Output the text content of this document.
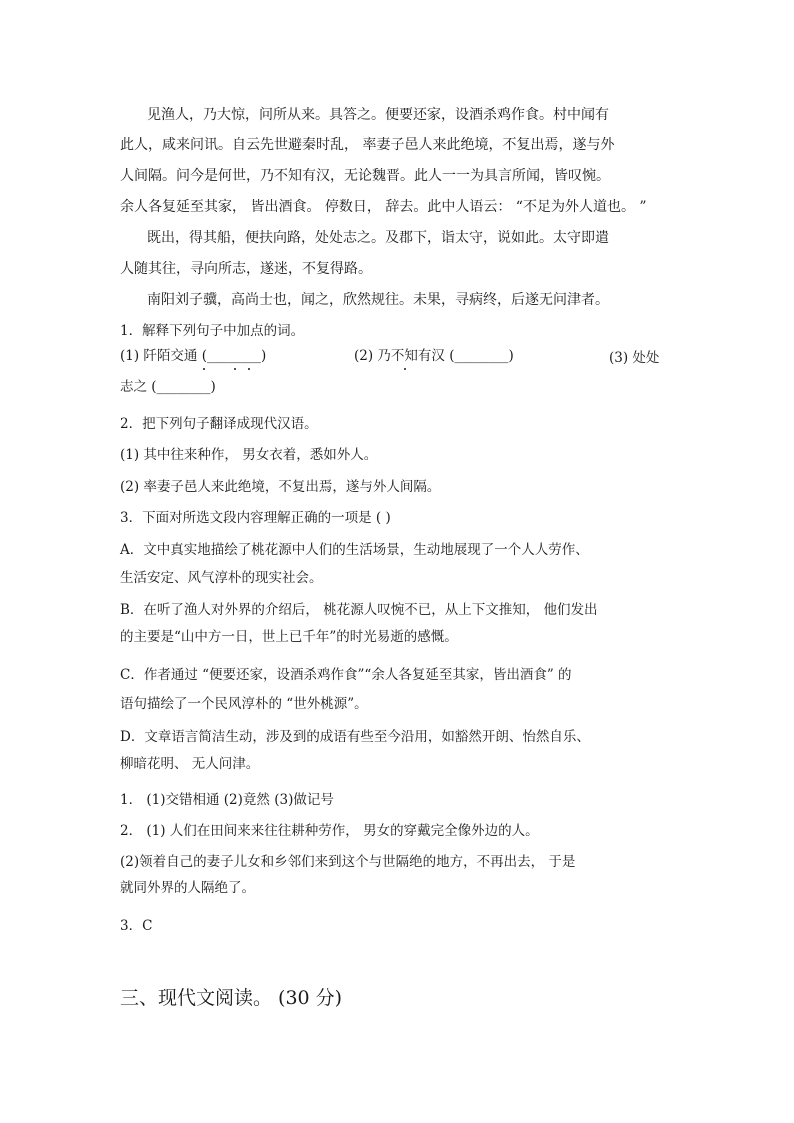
见渔人，乃大惊，问所从来。具答之。便要还家，设酒杀鸡作食。村中闻有
此人，咸来问讯。自云先世避秦时乱， 率妻子邑人来此绝境，不复出焉，遂与外
人间隔。问今是何世，乃不知有汉，无论魏晋。此人一一为具言所闻，皆叹惋。
余人各复延至其家， 皆出酒食。 停数日， 辞去。此中人语云： “不足为外人道也。 ”
既出，得其船，便扶向路，处处志之。及郡下，诣太守，说如此。太守即遣
人随其往，寻向所志，遂迷，不复得路。
南阳刘子骥，高尚士也，闻之，欣然规往。未果，寻病终，后遂无问津者。
1．解释下列句子中加点的词。
(1) 阡陌交通 (________)	(2) 乃不知有汉 (________)	(3) 处处
志之 (________)
2．把下列句子翻译成现代汉语。
(1) 其中往来种作， 男女衣着，悉如外人。
(2) 率妻子邑人来此绝境，不复出焉，遂与外人间隔。
3．下面对所选文段内容理解正确的一项是 ( )
A．文中真实地描绘了桃花源中人们的生活场景，生动地展现了一个人人劳作、
生活安定、风气淳朴的现实社会。
B．在听了渔人对外界的介绍后， 桃花源人叹惋不已，从上下文推知， 他们发出
的主要是“山中方一日，世上已千年”的时光易逝的感慨。
C．作者通过 “便要还家，设酒杀鸡作食”“余人各复延至其家，皆出酒食” 的
语句描绘了一个民风淳朴的 “世外桃源”。
D．文章语言简洁生动，涉及到的成语有些至今沿用，如豁然开朗、怡然自乐、
柳暗花明、 无人问津。
1． (1)交错相通 (2)竟然 (3)做记号
2． (1) 人们在田间来来往往耕种劳作， 男女的穿戴完全像外边的人。
(2)领着自己的妻子儿女和乡邻们来到这个与世隔绝的地方，不再出去， 于是
就同外界的人隔绝了。
3．C
三、现代文阅读。 (30 分)
